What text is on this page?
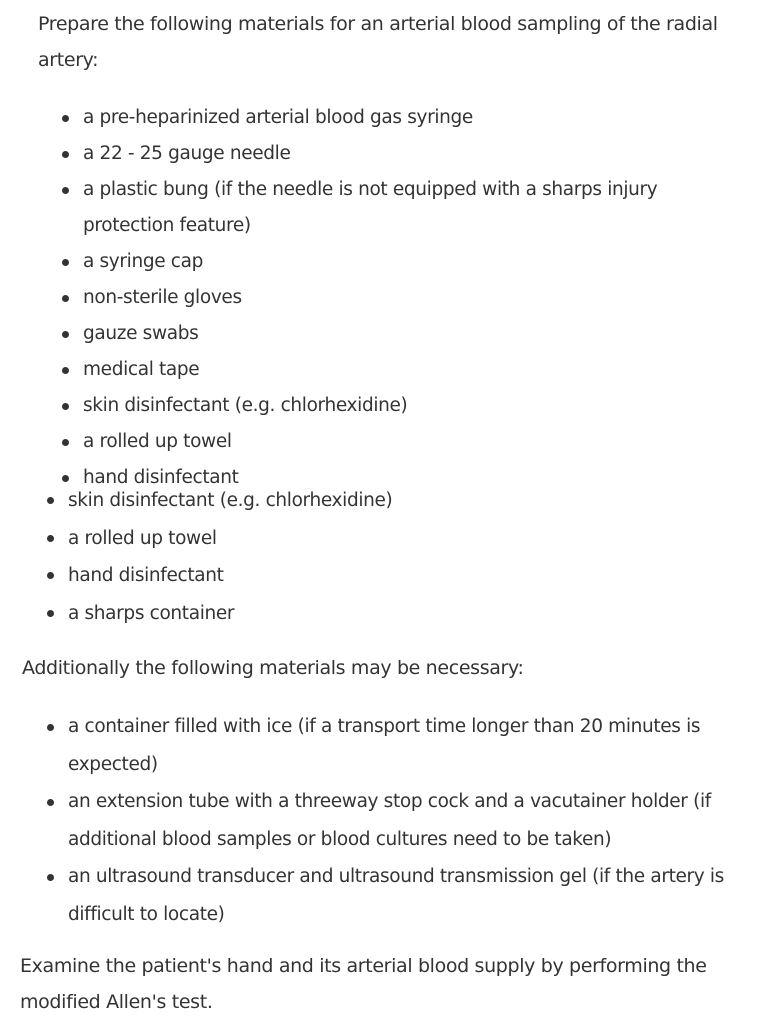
Prepare the following materials for an arterial blood sampling of the radial artery:

a pre-heparinized arterial blood gas syringe
a 22 - 25 gauge needle
a plastic bung (if the needle is not equipped with a sharps injury protection feature)
a syringe cap
non-sterile gloves
gauze swabs
medical tape
skin disinfectant (e.g. chlorhexidine)
a rolled up towel
hand disinfectant
skin disinfectant (e.g. chlorhexidine)
a rolled up towel
hand disinfectant
a sharps container

Additionally the following materials may be necessary:

a container filled with ice (if a transport time longer than 20 minutes is expected)
an extension tube with a threeway stop cock and a vacutainer holder (if additional blood samples or blood cultures need to be taken)
an ultrasound transducer and ultrasound transmission gel (if the artery is difficult to locate)

Examine the patient's hand and its arterial blood supply by performing the modified Allen's test.
